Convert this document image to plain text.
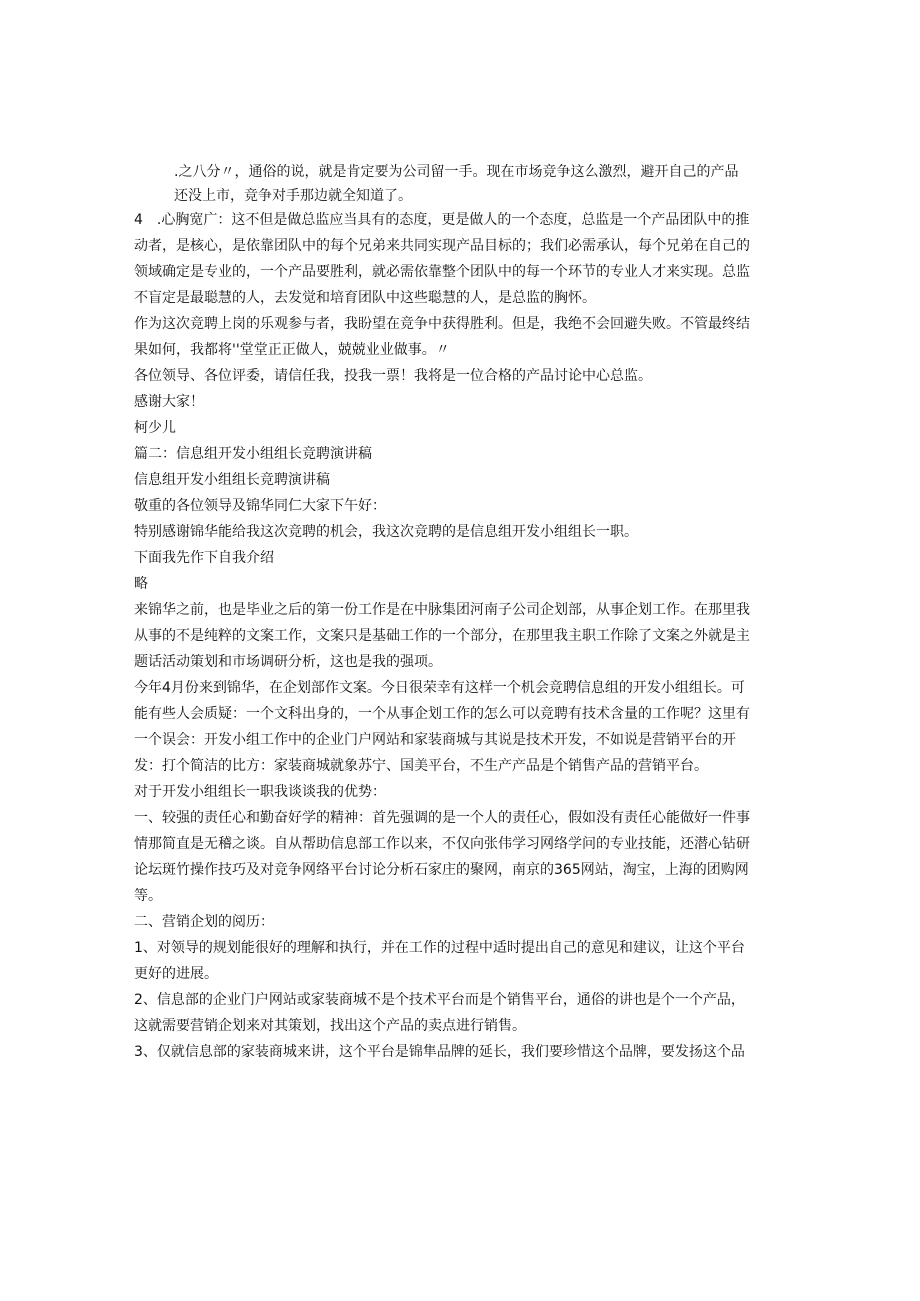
.之八分〃，通俗的说，就是肯定要为公司留一手。现在市场竞争这么激烈，避开自己的产品

还没上市，竞争对手那边就全知道了。

4　.心胸宽广：这不但是做总监应当具有的态度，更是做人的一个态度，总监是一个产品团队中的推

动者，是核心，是依靠团队中的每个兄弟来共同实现产品目标的；我们必需承认，每个兄弟在自己的

领域确定是专业的，一个产品要胜利，就必需依靠整个团队中的每一个环节的专业人才来实现。总监

不盲定是最聪慧的人，去发觉和培育团队中这些聪慧的人，是总监的胸怀。

作为这次竞聘上岗的乐观参与者，我盼望在竞争中获得胜利。但是，我绝不会回避失败。不管最终结

果如何，我都将''堂堂正正做人，兢兢业业做事。〃

各位领导、各位评委，请信任我，投我一票！我将是一位合格的产品讨论中心总监。

感谢大家！

柯少儿

篇二：信息组开发小组组长竞聘演讲稿

信息组开发小组组长竞聘演讲稿

敬重的各位领导及锦华同仁大家下午好：

特别感谢锦华能给我这次竞聘的机会，我这次竞聘的是信息组开发小组组长一职。

下面我先作下自我介绍

略

来锦华之前，也是毕业之后的第一份工作是在中脉集团河南子公司企划部，从事企划工作。在那里我

从事的不是纯粹的文案工作，文案只是基础工作的一个部分，在那里我主职工作除了文案之外就是主

题话活动策划和市场调研分析，这也是我的强项。

今年4月份来到锦华，在企划部作文案。今日很荣幸有这样一个机会竞聘信息组的开发小组组长。可

能有些人会质疑：一个文科出身的，一个从事企划工作的怎么可以竞聘有技术含量的工作呢？这里有

一个误会：开发小组工作中的企业门户网站和家装商城与其说是技术开发，不如说是营销平台的开

发：打个简洁的比方：家装商城就象苏宁、国美平台，不生产产品是个销售产品的营销平台。

对于开发小组组长一职我谈谈我的优势：

一、较强的责任心和勤奋好学的精神：首先强调的是一个人的责任心，假如没有责任心能做好一件事

情那简直是无稽之谈。自从帮助信息部工作以来，不仅向张伟学习网络学问的专业技能，还潜心钻研

论坛斑竹操作技巧及对竞争网络平台讨论分析石家庄的聚网，南京的365网站，淘宝，上海的团购网

等。

二、营销企划的阅历：

1、对领导的规划能很好的理解和执行，并在工作的过程中适时提出自己的意见和建议，让这个平台

更好的进展。

2、信息部的企业门户网站或家装商城不是个技术平台而是个销售平台，通俗的讲也是个一个产品，

这就需要营销企划来对其策划，找出这个产品的卖点进行销售。

3、仅就信息部的家装商城来讲，这个平台是锦隼品牌的延长，我们要珍惜这个品牌，要发扬这个品
